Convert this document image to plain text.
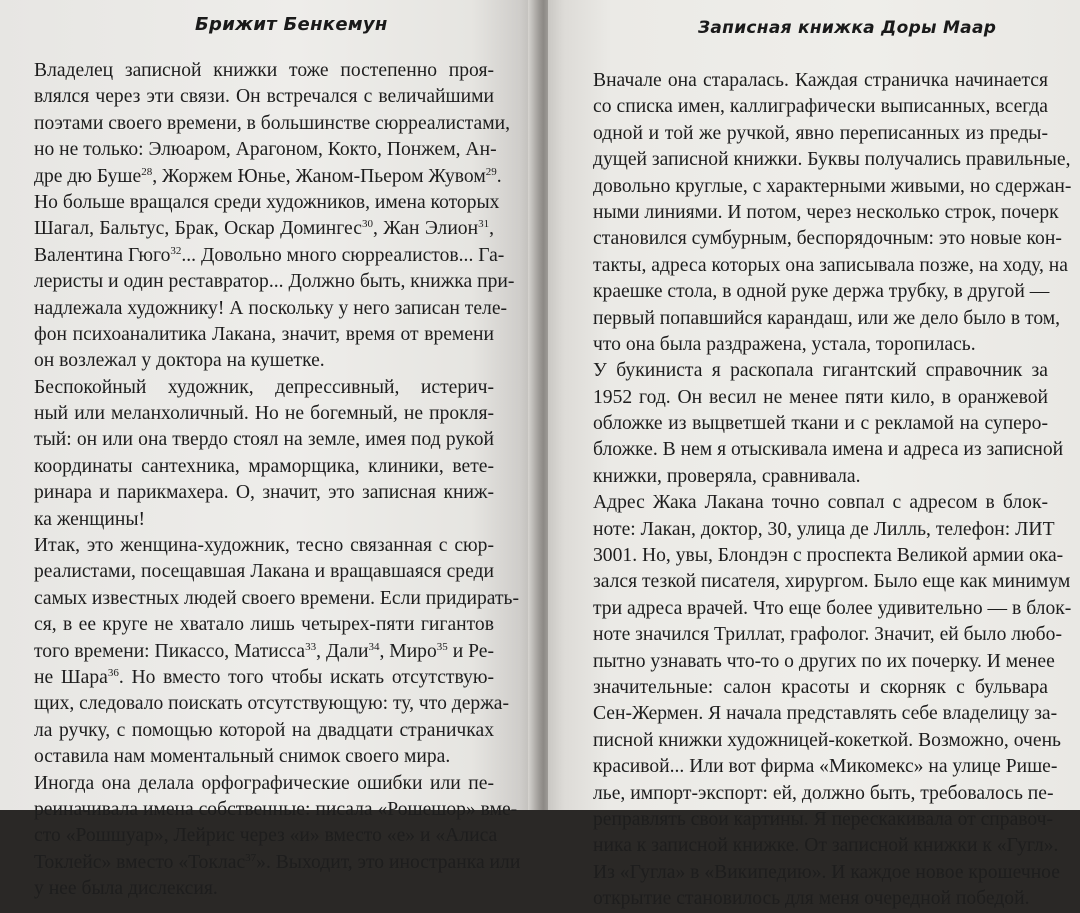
Брижит Бенкемун
Владелец записной книжки тоже постепенно проя-
влялся через эти связи. Он встречался с величайшими
поэтами своего времени, в большинстве сюрреалистами,
но не только: Элюаром, Арагоном, Кокто, Понжем, Ан-
дре дю Буше$^{28}$, Жоржем Юнье, Жаном-Пьером Жувом$^{29}$.
Но больше вращался среди художников, имена которых
Шагал, Бальтус, Брак, Оскар Домингес$^{30}$, Жан Элион$^{31}$,
Валентина Гюго$^{32}$... Довольно много сюрреалистов... Га-
леристы и один реставратор... Должно быть, книжка при-
надлежала художнику! А поскольку у него записан теле-
фон психоаналитика Лакана, значит, время от времени
он возлежал у доктора на кушетке.
Беспокойный художник, депрессивный, истерич-
ный или меланхоличный. Но не богемный, не прокля-
тый: он или она твердо стоял на земле, имея под рукой
координаты сантехника, мраморщика, клиники, вете-
ринара и парикмахера. О, значит, это записная книж-
ка женщины!
Итак, это женщина-художник, тесно связанная с сюр-
реалистами, посещавшая Лакана и вращавшаяся среди
самых известных людей своего времени. Если придирать-
ся, в ее круге не хватало лишь четырех-пяти гигантов
того времени: Пикассо, Матисса$^{33}$, Дали$^{34}$, Миро$^{35}$ и Ре-
не Шара$^{36}$. Но вместо того чтобы искать отсутствую-
щих, следовало поискать отсутствующую: ту, что держа-
ла ручку, с помощью которой на двадцати страничках
оставила нам моментальный снимок своего мира.
Иногда она делала орфографические ошибки или пе-
реиначивала имена собственные: писала «Рошешор» вме-
сто «Рошшуар», Лейрис через «и» вместо «е» и «Алиса
Токлейс» вместо «Токлас$^{37}$». Выходит, это иностранка или
у нее была дислексия.
Записная книжка Доры Маар
Вначале она старалась. Каждая страничка начинается
со списка имен, каллиграфически выписанных, всегда
одной и той же ручкой, явно переписанных из преды-
дущей записной книжки. Буквы получались правильные,
довольно круглые, с характерными живыми, но сдержан-
ными линиями. И потом, через несколько строк, почерк
становился сумбурным, беспорядочным: это новые кон-
такты, адреса которых она записывала позже, на ходу, на
краешке стола, в одной руке держа трубку, в другой —
первый попавшийся карандаш, или же дело было в том,
что она была раздражена, устала, торопилась.
У букиниста я раскопала гигантский справочник за
1952 год. Он весил не менее пяти кило, в оранжевой
обложке из выцветшей ткани и с рекламой на суперо-
бложке. В нем я отыскивала имена и адреса из записной
книжки, проверяла, сравнивала.
Адрес Жака Лакана точно совпал с адресом в блок-
ноте: Лакан, доктор, 30, улица де Лилль, телефон: ЛИТ
3001. Но, увы, Блондэн с проспекта Великой армии ока-
зался тезкой писателя, хирургом. Было еще как минимум
три адреса врачей. Что еще более удивительно — в блок-
ноте значился Триллат, графолог. Значит, ей было любо-
пытно узнавать что-то о других по их почерку. И менее
значительные: салон красоты и скорняк с бульвара
Сен-Жермен. Я начала представлять себе владелицу за-
писной книжки художницей-кокеткой. Возможно, очень
красивой... Или вот фирма «Микомекс» на улице Рише-
лье, импорт-экспорт: ей, должно быть, требовалось пе-
реправлять свои картины. Я перескакивала от справоч-
ника к записной книжке. От записной книжки к «Гугл».
Из «Гугла» в «Википедию». И каждое новое крошечное
открытие становилось для меня очередной победой.
